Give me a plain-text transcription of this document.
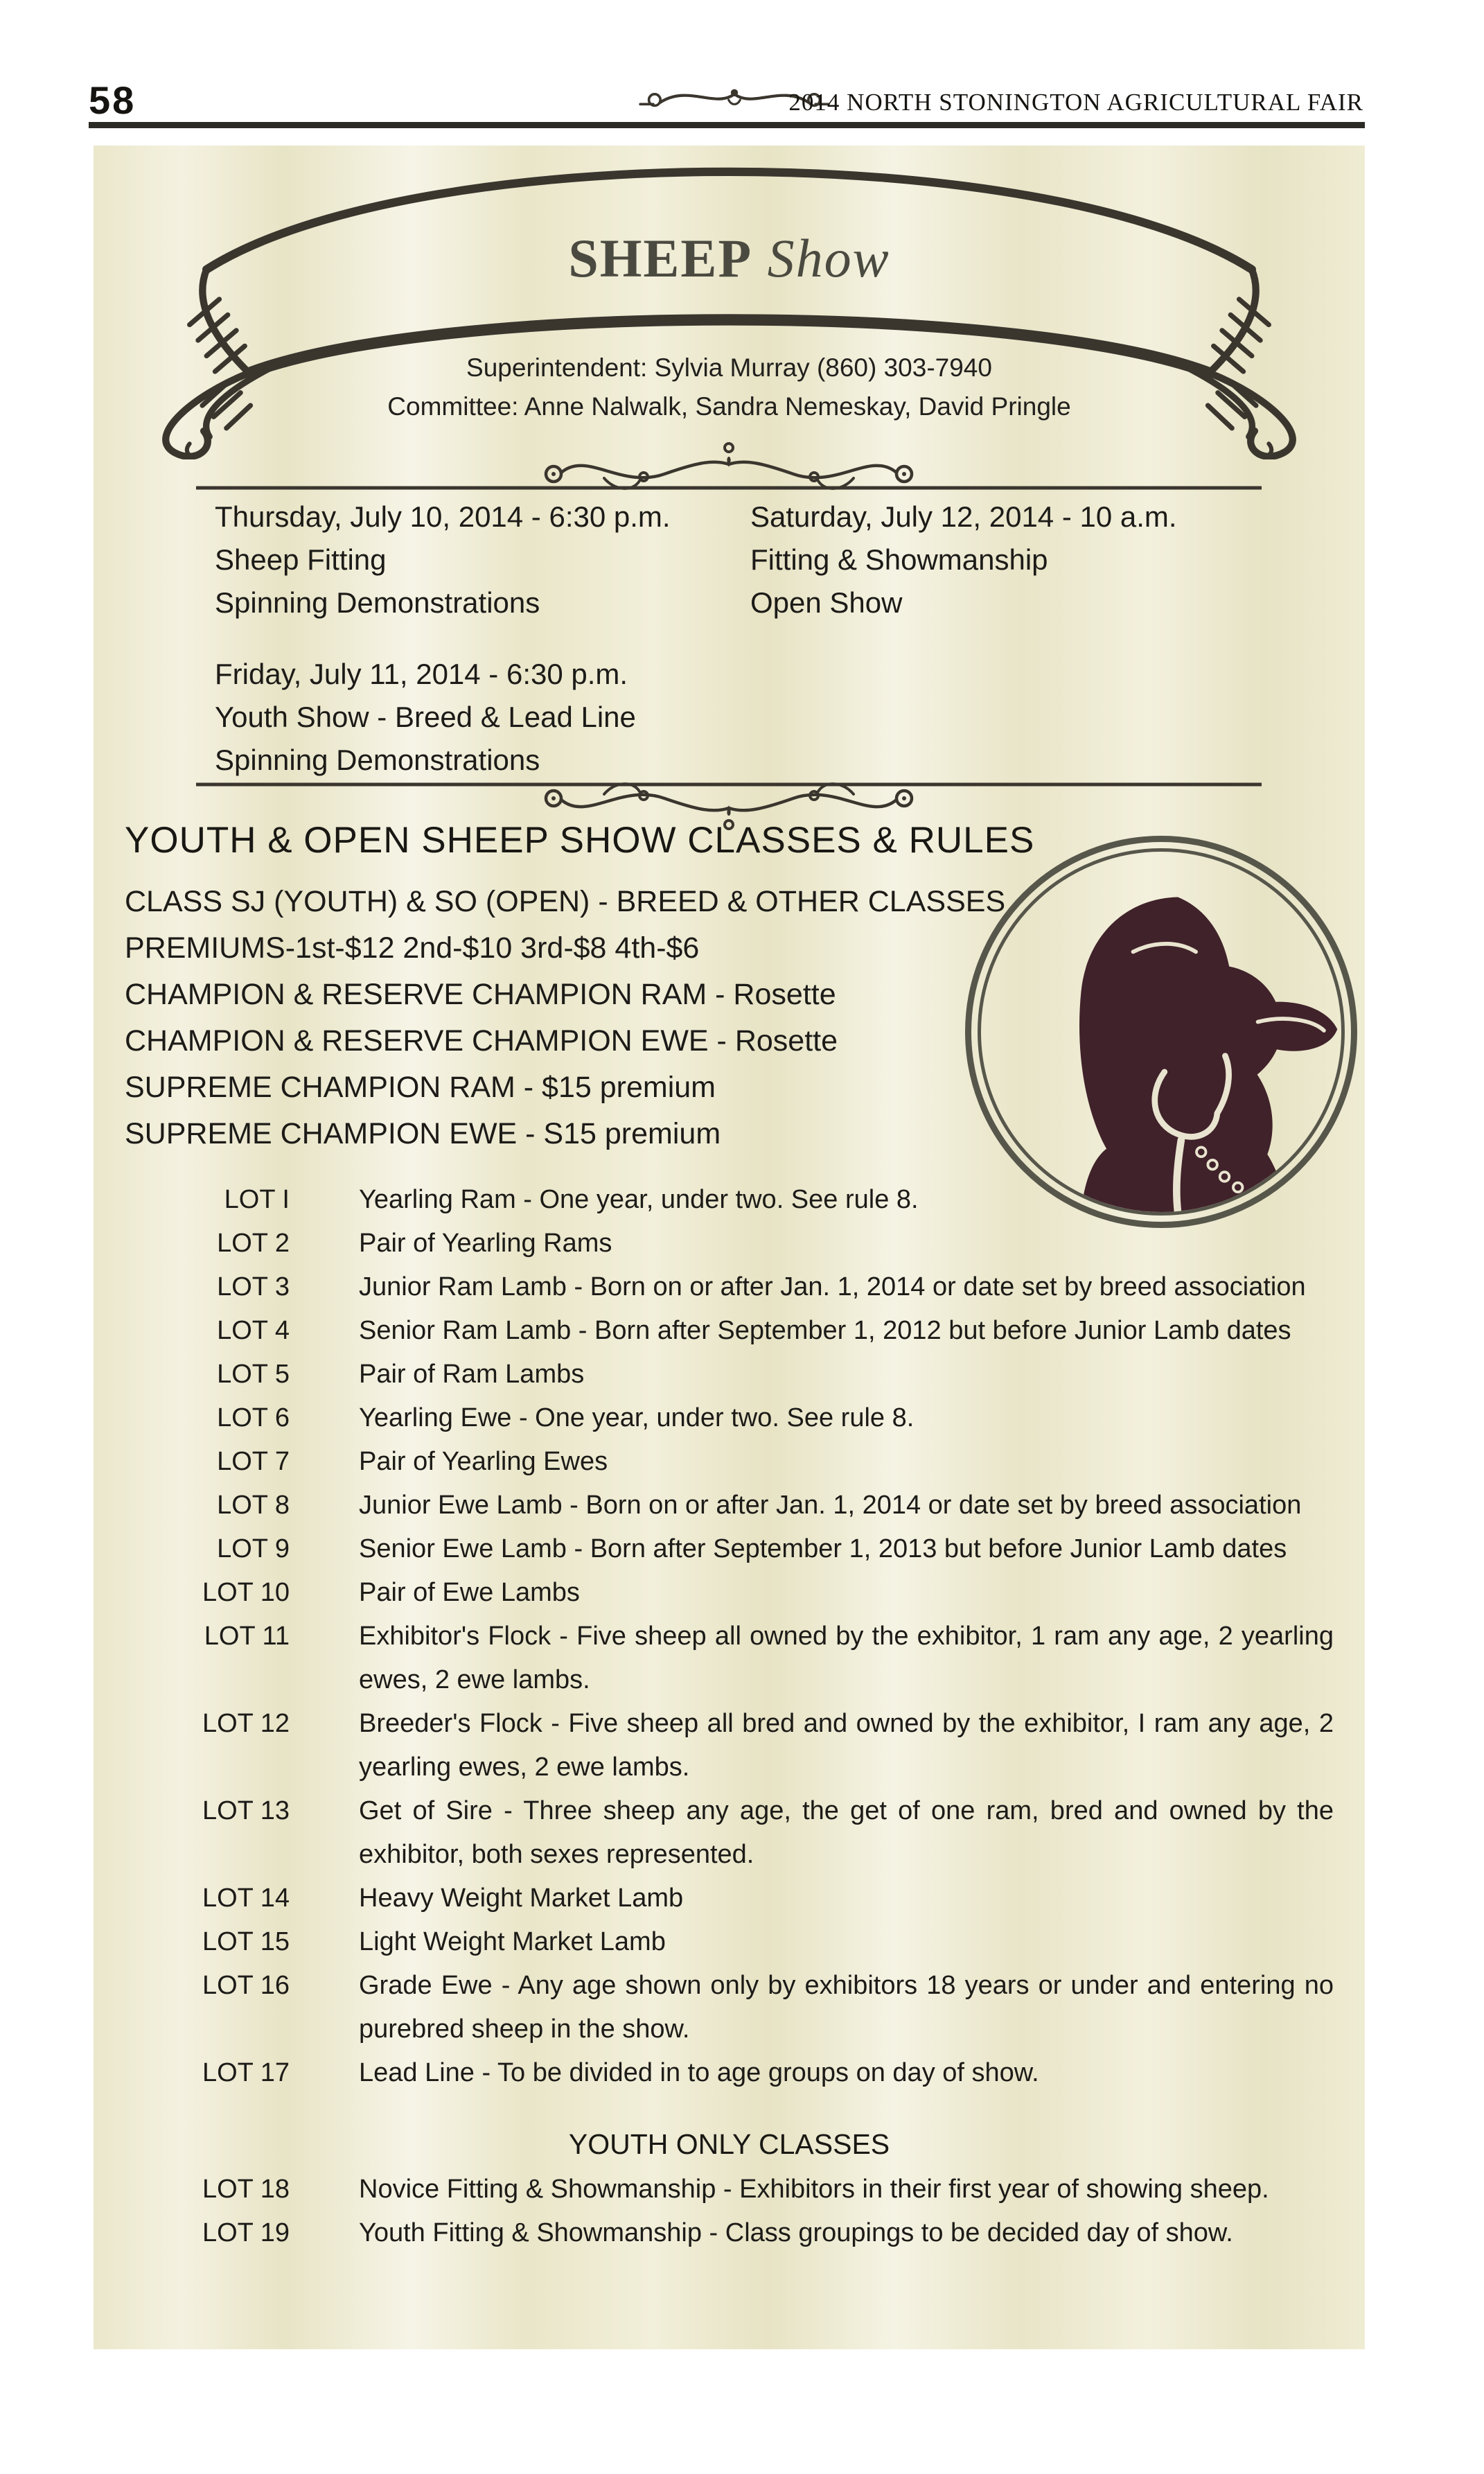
58	2014 NORTH STONINGTON AGRICULTURAL FAIR
SHEEP Show
Superintendent: Sylvia Murray (860) 303-7940
Committee: Anne Nalwalk, Sandra Nemeskay, David Pringle
Thursday, July 10, 2014 - 6:30 p.m.
Sheep Fitting
Spinning Demonstrations
Friday, July 11, 2014 - 6:30 p.m.
Youth Show - Breed & Lead Line
Spinning Demonstrations
Saturday, July 12, 2014 - 10 a.m.
Fitting & Showmanship
Open Show
YOUTH & OPEN SHEEP SHOW CLASSES & RULES
CLASS SJ (YOUTH) & SO (OPEN) - BREED & OTHER CLASSES
PREMIUMS-1st-$12 2nd-$10 3rd-$8 4th-$6
CHAMPION & RESERVE CHAMPION RAM - Rosette
CHAMPION & RESERVE CHAMPION EWE - Rosette
SUPREME CHAMPION RAM - $15 premium
SUPREME CHAMPION EWE - S15 premium
LOT I	Yearling Ram - One year, under two. See rule 8.
LOT 2	Pair of Yearling Rams
LOT 3	Junior Ram Lamb - Born on or after Jan. 1, 2014 or date set by breed association
LOT 4	Senior Ram Lamb - Born after September 1, 2012 but before Junior Lamb dates
LOT 5	Pair of Ram Lambs
LOT 6	Yearling Ewe - One year, under two. See rule 8.
LOT 7	Pair of Yearling Ewes
LOT 8	Junior Ewe Lamb - Born on or after Jan. 1, 2014 or date set by breed association
LOT 9	Senior Ewe Lamb - Born after September 1, 2013 but before Junior Lamb dates
LOT 10	Pair of Ewe Lambs
LOT 11	Exhibitor's Flock - Five sheep all owned by the exhibitor, 1 ram any age, 2 yearling ewes, 2 ewe lambs.
LOT 12	Breeder's Flock - Five sheep all bred and owned by the exhibitor, I ram any age, 2 yearling ewes, 2 ewe lambs.
LOT 13	Get of Sire - Three sheep any age, the get of one ram, bred and owned by the exhibitor, both sexes represented.
LOT 14	Heavy Weight Market Lamb
LOT 15	Light Weight Market Lamb
LOT 16	Grade Ewe - Any age shown only by exhibitors 18 years or under and entering no purebred sheep in the show.
LOT 17	Lead Line - To be divided in to age groups on day of show.
YOUTH ONLY CLASSES
LOT 18	Novice Fitting & Showmanship - Exhibitors in their first year of showing sheep.
LOT 19	Youth Fitting & Showmanship - Class groupings to be decided day of show.
